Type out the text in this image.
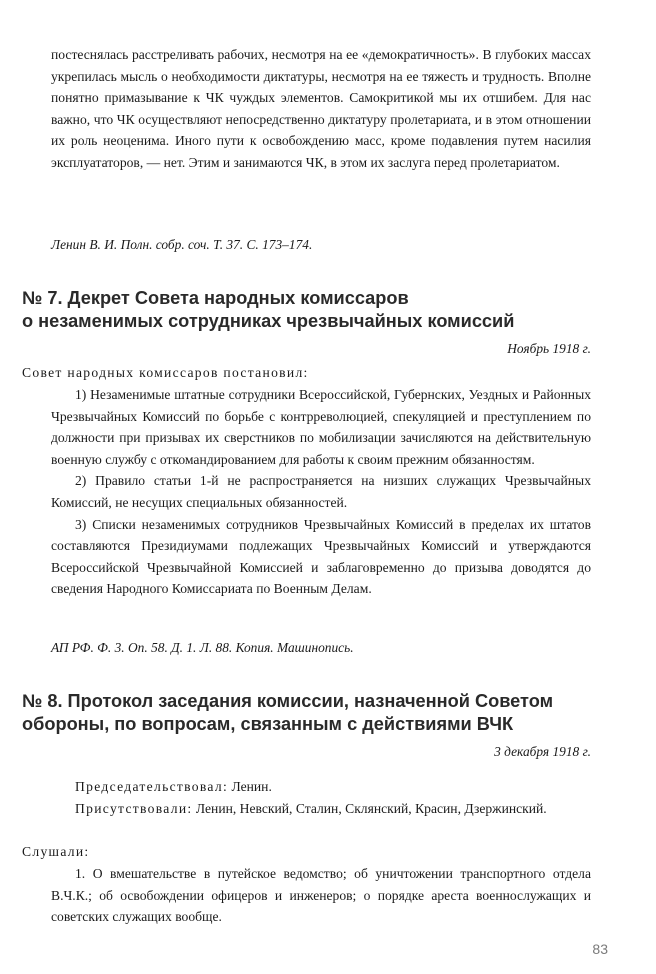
постеснялась расстреливать рабочих, несмотря на ее «демократичность». В глубоких массах укрепилась мысль о необходимости диктатуры, несмотря на ее тяжесть и трудность. Вполне понятно примазывание к ЧК чуждых элементов. Самокритикой мы их отшибем. Для нас важно, что ЧК осуществляют непосредственно диктатуру пролетариата, и в этом отношении их роль неоценима. Иного пути к освобождению масс, кроме подавления путем насилия эксплуататоров, — нет. Этим и занимаются ЧК, в этом их заслуга перед пролетариатом.

Ленин В. И. Полн. собр. соч. Т. 37. С. 173–174.

№ 7. Декрет Совета народных комиссаров

о незаменимых сотрудниках чрезвычайных комиссий

Ноябрь 1918 г.

Совет народных комиссаров постановил:

1) Незаменимые штатные сотрудники Всероссийской, Губернских, Уездных и Районных Чрезвычайных Комиссий по борьбе с контрреволюцией, спекуляцией и преступлением по должности при призывах их сверстников по мобилизации зачисляются на действительную военную службу с откомандированием для работы к своим прежним обязанностям.

2) Правило статьи 1-й не распространяется на низших служащих Чрезвычайных Комиссий, не несущих специальных обязанностей.

3) Списки незаменимых сотрудников Чрезвычайных Комиссий в пределах их штатов составляются Президиумами подлежащих Чрезвычайных Комиссий и утверждаются Всероссийской Чрезвычайной Комиссией и заблаговременно до призыва доводятся до сведения Народного Комиссариата по Военным Делам.

АП РФ. Ф. 3. Оп. 58. Д. 1. Л. 88. Копия. Машинопись.

№ 8. Протокол заседания комиссии, назначенной Советом

обороны, по вопросам, связанным с действиями ВЧК

3 декабря 1918 г.

Председательствовал: Ленин.

Присутствовали: Ленин, Невский, Сталин, Склянский, Красин, Дзержинский.

Слушали:

1. О вмешательстве в путейское ведомство; об уничтожении транспортного отдела В.Ч.К.; об освобождении офицеров и инженеров; о порядке ареста военнослужащих и советских служащих вообще.

83
